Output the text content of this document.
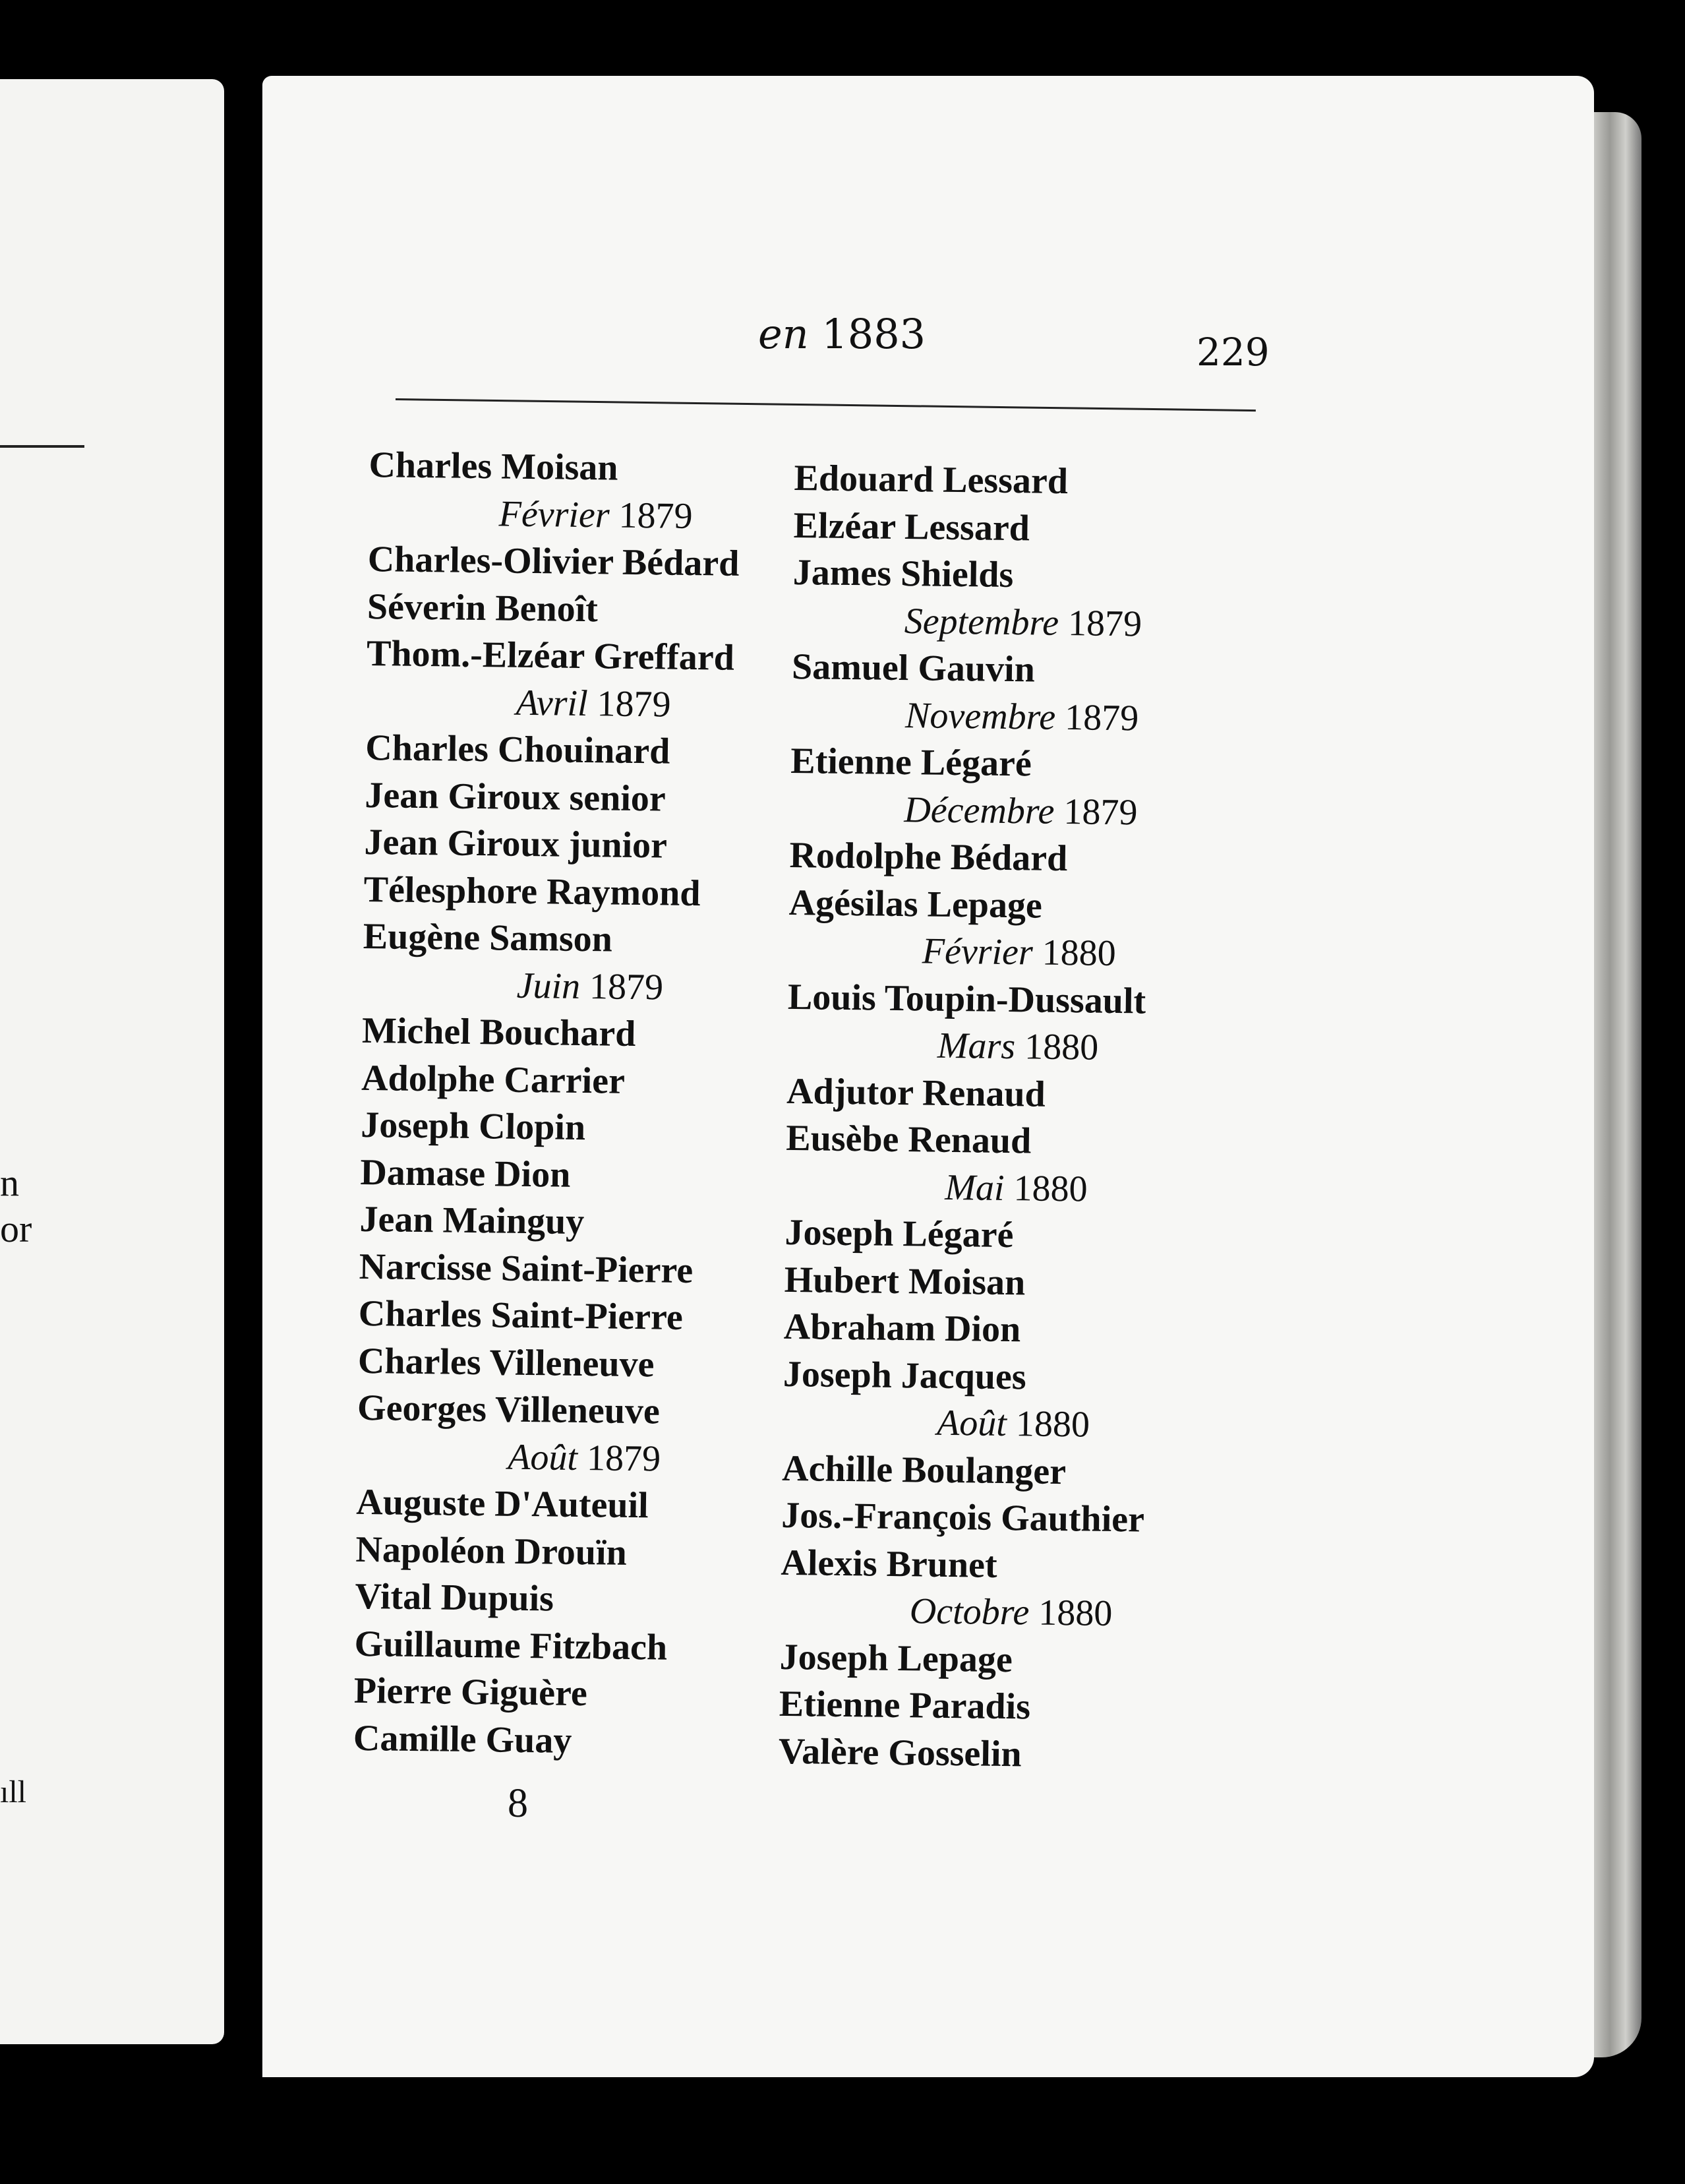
n
or
ıll
en 1883	229
Charles Moisan
Février 1879
Charles-Olivier Bédard
Séverin Benoît
Thom.-Elzéar Greffard
Avril 1879
Charles Chouinard
Jean Giroux senior
Jean Giroux junior
Télesphore Raymond
Eugène Samson
Juin 1879
Michel Bouchard
Adolphe Carrier
Joseph Clopin
Damase Dion
Jean Mainguy
Narcisse Saint-Pierre
Charles Saint-Pierre
Charles Villeneuve
Georges Villeneuve
Août 1879
Auguste D'Auteuil
Napoléon Drouïn
Vital Dupuis
Guillaume Fitzbach
Pierre Giguère
Camille Guay
Edouard Lessard
Elzéar Lessard
James Shields
Septembre 1879
Samuel Gauvin
Novembre 1879
Etienne Légaré
Décembre 1879
Rodolphe Bédard
Agésilas Lepage
Février 1880
Louis Toupin-Dussault
Mars 1880
Adjutor Renaud
Eusèbe Renaud
Mai 1880
Joseph Légaré
Hubert Moisan
Abraham Dion
Joseph Jacques
Août 1880
Achille Boulanger
Jos.-François Gauthier
Alexis Brunet
Octobre 1880
Joseph Lepage
Etienne Paradis
Valère Gosselin
8
